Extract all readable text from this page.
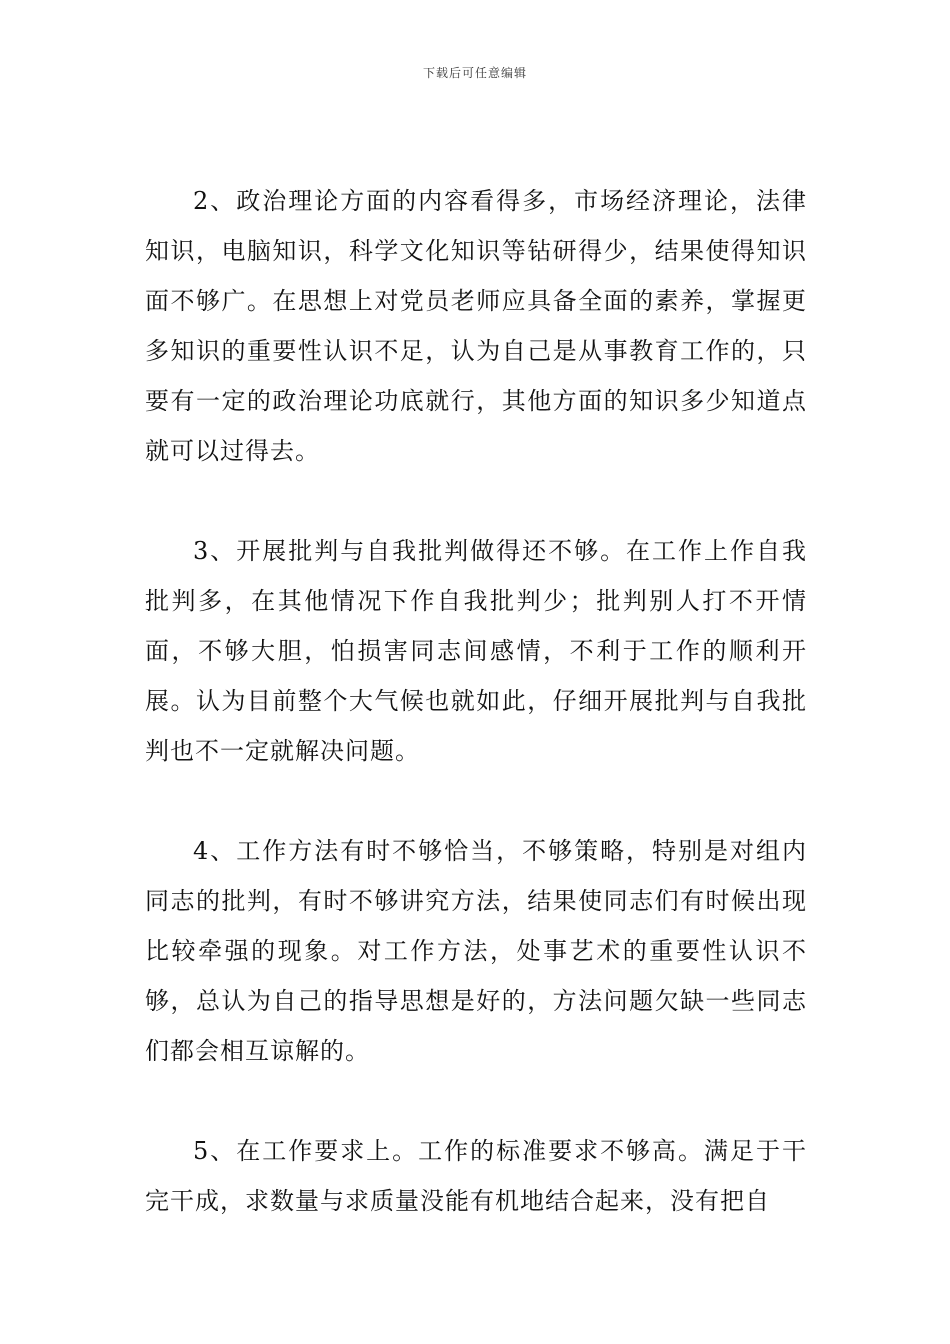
下载后可任意编辑

2、政治理论方面的内容看得多，市场经济理论，法律知识，电脑知识，科学文化知识等钻研得少，结果使得知识面不够广。在思想上对党员老师应具备全面的素养，掌握更多知识的重要性认识不足，认为自己是从事教育工作的，只要有一定的政治理论功底就行，其他方面的知识多少知道点就可以过得去。

3、开展批判与自我批判做得还不够。在工作上作自我批判多，在其他情况下作自我批判少；批判别人打不开情面，不够大胆，怕损害同志间感情，不利于工作的顺利开展。认为目前整个大气候也就如此，仔细开展批判与自我批判也不一定就解决问题。

4、工作方法有时不够恰当，不够策略，特别是对组内同志的批判，有时不够讲究方法，结果使同志们有时候出现比较牵强的现象。对工作方法，处事艺术的重要性认识不够，总认为自己的指导思想是好的，方法问题欠缺一些同志们都会相互谅解的。

5、在工作要求上。工作的标准要求不够高。满足于干完干成，求数量与求质量没能有机地结合起来，没有把自
